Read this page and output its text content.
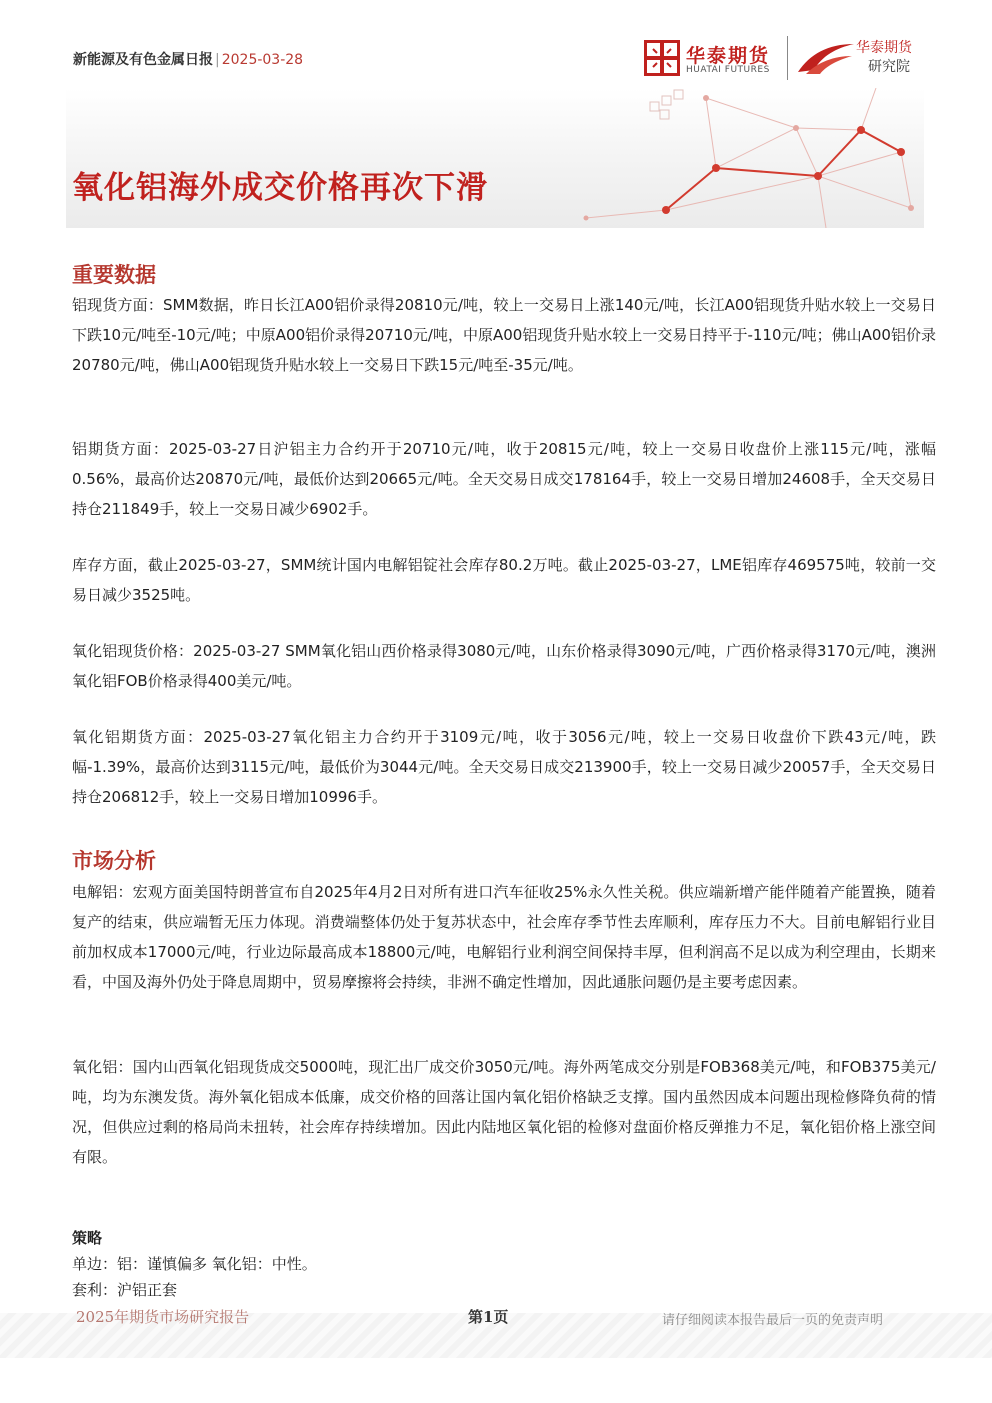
新能源及有色金属日报 | 2025-03-28	华泰期货
HUATAI FUTURES
华泰期货
研究院
氧化铝海外成交价格再次下滑
重要数据

铝现货方面：SMM数据，昨日长江A00铝价录得20810元/吨，较上一交易日上涨140元/吨，长江A00铝现货升贴水较上一交易日下跌10元/吨至-10元/吨；中原A00铝价录得20710元/吨，中原A00铝现货升贴水较上一交易日持平于-110元/吨；佛山A00铝价录20780元/吨，佛山A00铝现货升贴水较上一交易日下跌15元/吨至-35元/吨。

铝期货方面：2025-03-27日沪铝主力合约开于20710元/吨，收于20815元/吨，较上一交易日收盘价上涨115元/吨，涨幅0.56%，最高价达20870元/吨，最低价达到20665元/吨。全天交易日成交178164手，较上一交易日增加24608手，全天交易日持仓211849手，较上一交易日减少6902手。

库存方面，截止2025-03-27，SMM统计国内电解铝锭社会库存80.2万吨。截止2025-03-27，LME铝库存469575吨，较前一交易日减少3525吨。

氧化铝现货价格：2025-03-27 SMM氧化铝山西价格录得3080元/吨，山东价格录得3090元/吨，广西价格录得3170元/吨，澳洲氧化铝FOB价格录得400美元/吨。

氧化铝期货方面：2025-03-27氧化铝主力合约开于3109元/吨，收于3056元/吨，较上一交易日收盘价下跌43元/吨，跌幅-1.39%，最高价达到3115元/吨，最低价为3044元/吨。全天交易日成交213900手，较上一交易日减少20057手，全天交易日持仓206812手，较上一交易日增加10996手。

市场分析

电解铝：宏观方面美国特朗普宣布自2025年4月2日对所有进口汽车征收25%永久性关税。供应端新增产能伴随着产能置换，随着复产的结束，供应端暂无压力体现。消费端整体仍处于复苏状态中，社会库存季节性去库顺利，库存压力不大。目前电解铝行业目前加权成本17000元/吨，行业边际最高成本18800元/吨，电解铝行业利润空间保持丰厚，但利润高不足以成为利空理由，长期来看，中国及海外仍处于降息周期中，贸易摩擦将会持续，非洲不确定性增加，因此通胀问题仍是主要考虑因素。

氧化铝：国内山西氧化铝现货成交5000吨，现汇出厂成交价3050元/吨。海外两笔成交分别是FOB368美元/吨，和FOB375美元/吨，均为东澳发货。海外氧化铝成本低廉，成交价格的回落让国内氧化铝价格缺乏支撑。国内虽然因成本问题出现检修降负荷的情况，但供应过剩的格局尚未扭转，社会库存持续增加。因此内陆地区氧化铝的检修对盘面价格反弹推力不足，氧化铝价格上涨空间有限。

策略

单边：铝：谨慎偏多 氧化铝：中性。

套利：沪铝正套

2025年期货市场研究报告	第1页	请仔细阅读本报告最后一页的免责声明
